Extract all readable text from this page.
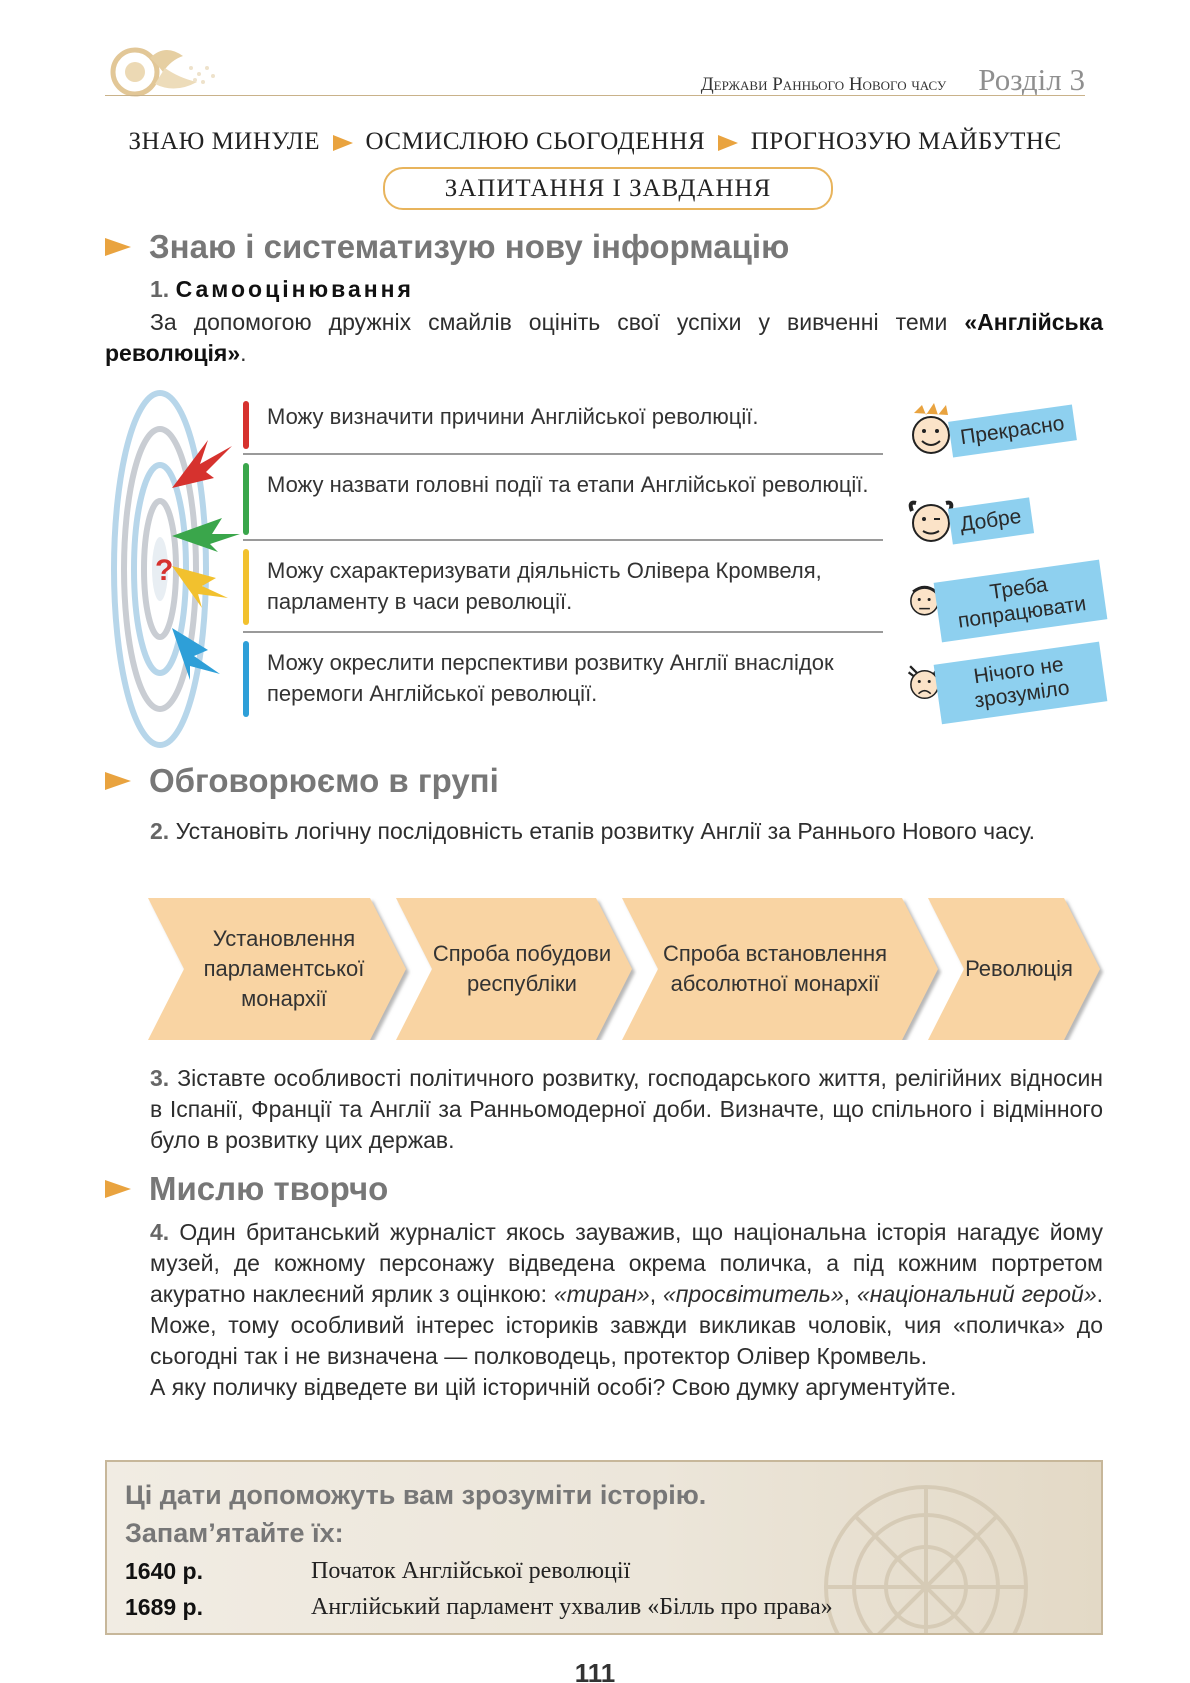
Держави Раннього Нового часу Розділ 3
ЗНАЮ МИНУЛЕ ОСМИСЛЮЮ СЬОГОДЕННЯ ПРОГНОЗУЮ МАЙБУТНЄ
ЗАПИТАННЯ І ЗАВДАННЯ
Знаю і систематизую нову інформацію
1. Самооцінювання
За допомогою дружніх смайлів оцініть свої успіхи у вивченні теми «Англійська революція».
?
Можу визначити причини Англійської революції.
Можу назвати головні події та етапи Англійської революції.
Можу схарактеризувати діяльність Олівера Кромвеля, парламенту в часи революції.
Можу окреслити перспективи розвитку Англії внаслідок перемоги Англійської революції.
Прекрасно
Добре
Треба попрацювати
Нічого не зрозуміло
Обговорюємо в групі
2. Установіть логічну послідовність етапів розвитку Англії за Раннього Нового часу.
Установлення парламентської монархії
Спроба побудови республіки
Спроба встановлення абсолютної монархії
Революція
3. Зіставте особливості політичного розвитку, господарського життя, релігійних відносин в Іспанії, Франції та Англії за Ранньомодерної доби. Визначте, що спільного і відмінного було в розвитку цих держав.
Мислю творчо
4. Один британський журналіст якось зауважив, що національна історія нагадує йому музей, де кожному персонажу відведена окрема поличка, а під кожним портретом акуратно наклеєний ярлик з оцінкою: «тиран», «просвітитель», «національний герой». Може, тому особливий інтерес істориків завжди викликав чоловік, чия «поличка» до сьогодні так і не визначена — полководець, протектор Олівер Кромвель.
А яку поличку відведете ви цій історичній особі? Свою думку аргументуйте.
Ці дати допоможуть вам зрозуміти історію.
Запам’ятайте їх:
1640 р.	Початок Англійської революції
1689 р.	Англійський парламент ухвалив «Білль про права»
111
